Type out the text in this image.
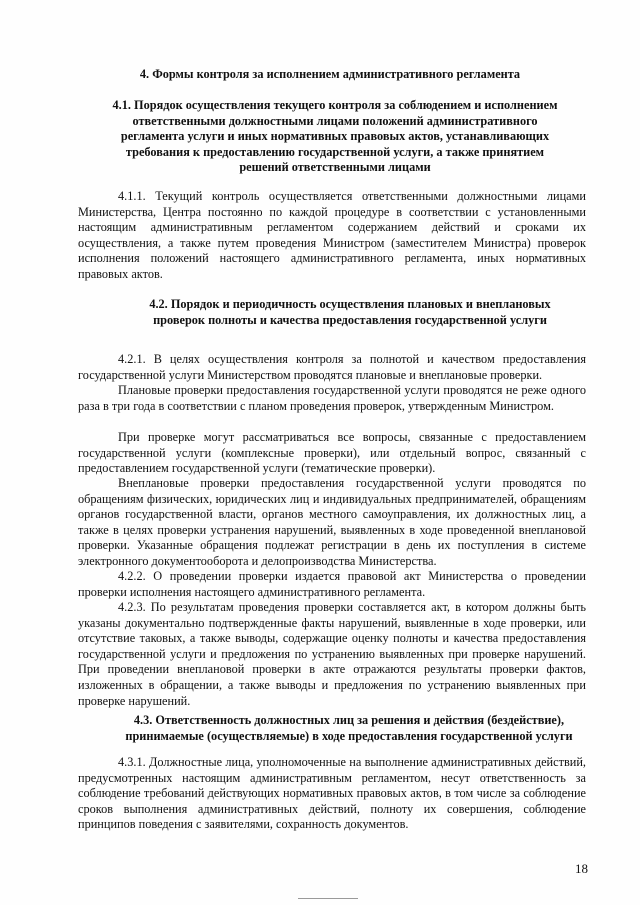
4. Формы контроля за исполнением административного регламента
4.1. Порядок осуществления текущего контроля за соблюдением и исполнением ответственными должностными лицами положений административного регламента услуги и иных нормативных правовых актов, устанавливающих требования к предоставлению государственной услуги, а также принятием решений ответственными лицами
4.1.1. Текущий контроль осуществляется ответственными должностными лицами Министерства, Центра постоянно по каждой процедуре в соответствии с установленными настоящим административным регламентом содержанием действий и сроками их осуществления, а также путем проведения Министром (заместителем Министра) проверок исполнения положений настоящего административного регламента, иных нормативных правовых актов.
4.2. Порядок и периодичность осуществления плановых и внеплановых проверок полноты и качества предоставления государственной услуги
4.2.1. В целях осуществления контроля за полнотой и качеством предоставления государственной услуги Министерством проводятся плановые и внеплановые проверки.
Плановые проверки предоставления государственной услуги проводятся не реже одного раза в три года в соответствии с планом проведения проверок, утвержденным Министром.
При проверке могут рассматриваться все вопросы, связанные с предоставлением государственной услуги (комплексные проверки), или отдельный вопрос, связанный с предоставлением государственной услуги (тематические проверки).
Внеплановые проверки предоставления государственной услуги проводятся по обращениям физических, юридических лиц и индивидуальных предпринимателей, обращениям органов государственной власти, органов местного самоуправления, их должностных лиц, а также в целях проверки устранения нарушений, выявленных в ходе проведенной внеплановой проверки. Указанные обращения подлежат регистрации в день их поступления в системе электронного документооборота и делопроизводства Министерства.
4.2.2. О проведении проверки издается правовой акт Министерства о проведении проверки исполнения настоящего административного регламента.
4.2.3. По результатам проведения проверки составляется акт, в котором должны быть указаны документально подтвержденные факты нарушений, выявленные в ходе проверки, или отсутствие таковых, а также выводы, содержащие оценку полноты и качества предоставления государственной услуги и предложения по устранению выявленных при проверке нарушений. При проведении внеплановой проверки в акте отражаются результаты проверки фактов, изложенных в обращении, а также выводы и предложения по устранению выявленных при проверке нарушений.
4.3. Ответственность должностных лиц за решения и действия (бездействие), принимаемые (осуществляемые) в ходе предоставления государственной услуги
4.3.1. Должностные лица, уполномоченные на выполнение административных действий, предусмотренных настоящим административным регламентом, несут ответственность за соблюдение требований действующих нормативных правовых актов, в том числе за соблюдение сроков выполнения административных действий, полноту их совершения, соблюдение принципов поведения с заявителями, сохранность документов.
18
